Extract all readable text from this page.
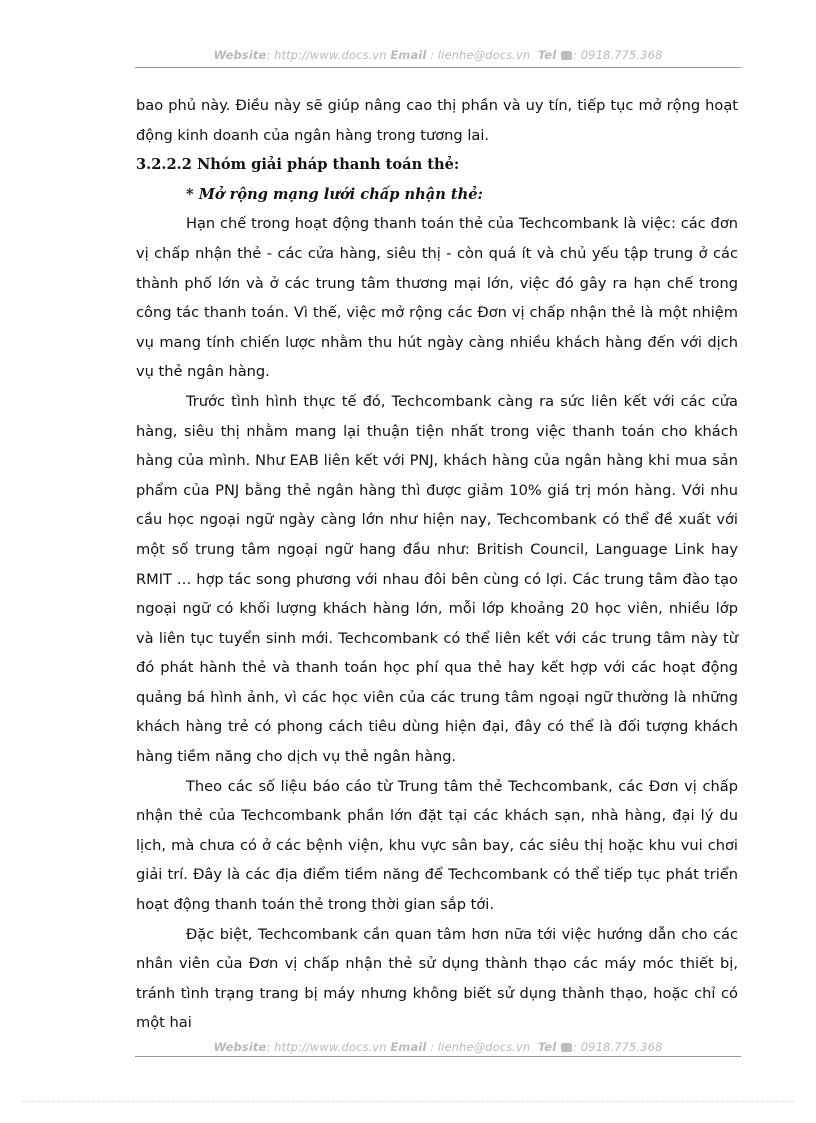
Website: http://www.docs.vn Email : lienhe@docs.vn Tel : 0918.775.368

bao phủ này. Điều này sẽ giúp nâng cao thị phần và uy tín, tiếp tục mở rộng hoạt động kinh doanh của ngân hàng trong tương lai.

3.2.2.2 Nhóm giải pháp thanh toán thẻ:

* Mở rộng mạng lưới chấp nhận thẻ:

Hạn chế trong hoạt động thanh toán thẻ của Techcombank là việc: các đơn vị chấp nhận thẻ - các cửa hàng, siêu thị - còn quá ít và chủ yếu tập trung ở các thành phố lớn và ở các trung tâm thương mại lớn, việc đó gây ra hạn chế trong công tác thanh toán. Vì thế, việc mở rộng các Đơn vị chấp nhận thẻ là một nhiệm vụ mang tính chiến lược nhằm thu hút ngày càng nhiều khách hàng đến với dịch vụ thẻ ngân hàng.

Trước tình hình thực tế đó, Techcombank càng ra sức liên kết với các cửa hàng, siêu thị nhằm mang lại thuận tiện nhất trong việc thanh toán cho khách hàng của mình. Như EAB liên kết với PNJ, khách hàng của ngân hàng khi mua sản phẩm của PNJ bằng thẻ ngân hàng thì được giảm 10% giá trị món hàng. Với nhu cầu học ngoại ngữ ngày càng lớn như hiện nay, Techcombank có thể đề xuất với một số trung tâm ngoại ngữ hang đầu như: British Council, Language Link hay RMIT … hợp tác song phương với nhau đôi bên cùng có lợi. Các trung tâm đào tạo ngoại ngữ có khối lượng khách hàng lớn, mỗi lớp khoảng 20 học viên, nhiều lớp và liên tục tuyển sinh mới. Techcombank có thể liên kết với các trung tâm này từ đó phát hành thẻ và thanh toán học phí qua thẻ hay kết hợp với các hoạt động quảng bá hình ảnh, vì các học viên của các trung tâm ngoại ngữ thường là những khách hàng trẻ có phong cách tiêu dùng hiện đại, đây có thể là đối tượng khách hàng tiềm năng cho dịch vụ thẻ ngân hàng.

Theo các số liệu báo cáo từ Trung tâm thẻ Techcombank, các Đơn vị chấp nhận thẻ của Techcombank phần lớn đặt tại các khách sạn, nhà hàng, đại lý du lịch, mà chưa có ở các bệnh viện, khu vực sân bay, các siêu thị hoặc khu vui chơi giải trí. Đây là các địa điểm tiềm năng để Techcombank có thể tiếp tục phát triển hoạt động thanh toán thẻ trong thời gian sắp tới.

Đặc biệt, Techcombank cần quan tâm hơn nữa tới việc hướng dẫn cho các nhân viên của Đơn vị chấp nhận thẻ sử dụng thành thạo các máy móc thiết bị, tránh tình trạng trang bị máy nhưng không biết sử dụng thành thạo, hoặc chỉ có một hai

Website: http://www.docs.vn Email : lienhe@docs.vn Tel : 0918.775.368
